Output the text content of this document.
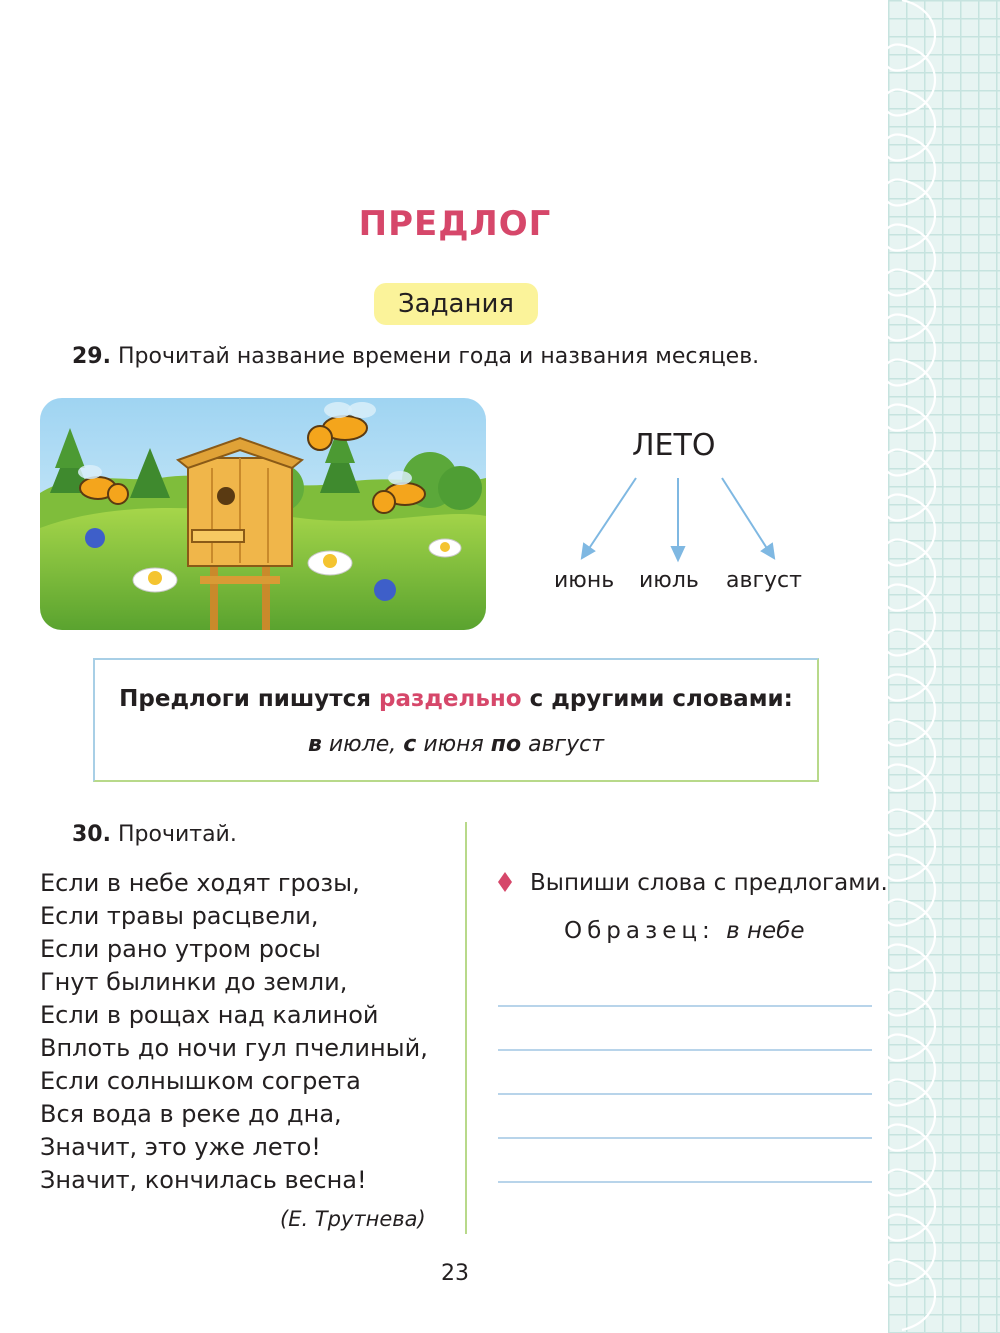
ПРЕДЛОГ
Задания
29. Прочитай название времени года и названия месяцев.
ЛЕТО
июнь июль август
Предлоги пишутся раздельно с другими словами:
в июле, с июня по август
30. Прочитай.
Если в небе ходят грозы,
Если травы расцвели,
Если рано утром росы
Гнут былинки до земли,
Если в рощах над калиной
Вплоть до ночи гул пчелиный,
Если солнышком согрета
Вся вода в реке до дна,
Значит, это уже лето!
Значит, кончилась весна!
(Е. Трутнева)
Выпиши слова с предлогами.
Образец: в небе
23
